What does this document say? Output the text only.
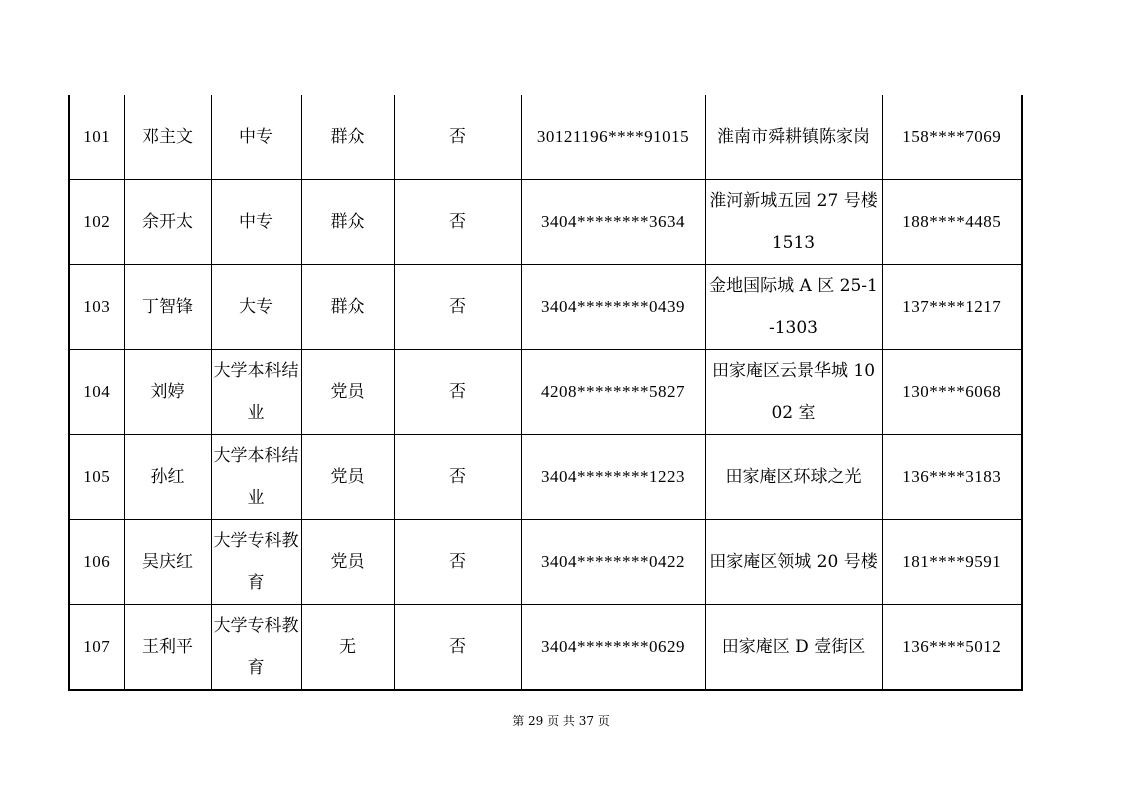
101	邓主文	中专	群众	否	30121196****91015	淮南市舜耕镇陈家岗	158****7069
102	余开太	中专	群众	否	3404********3634	淮河新城五园 27 号楼 1513	188****4485
103	丁智锋	大专	群众	否	3404********0439	金地国际城 A 区 25-1-1303	137****1217
104	刘婷	大学本科结业	党员	否	4208********5827	田家庵区云景华城 1002 室	130****6068
105	孙红	大学本科结业	党员	否	3404********1223	田家庵区环球之光	136****3183
106	吴庆红	大学专科教育	党员	否	3404********0422	田家庵区领城 20 号楼	181****9591
107	王利平	大学专科教育	无	否	3404********0629	田家庵区 D 壹街区	136****5012
第 29 页 共 37 页
